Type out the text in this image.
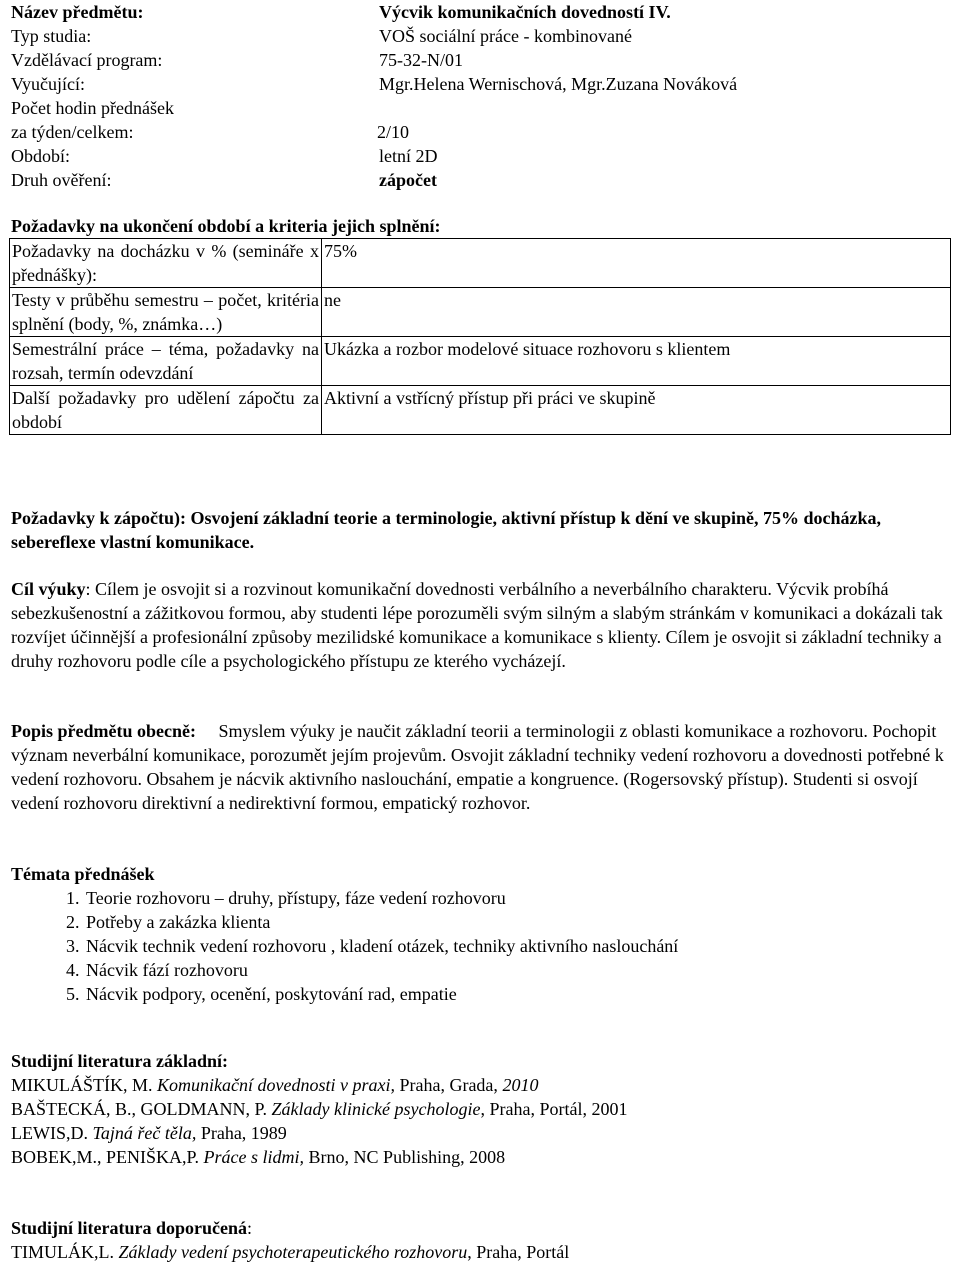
Název předmětu:	Výcvik komunikačních dovedností IV.
Typ studia:	VOŠ sociální práce - kombinované
Vzdělávací program:	75-32-N/01
Vyučující:	Mgr.Helena Wernischová, Mgr.Zuzana Nováková
Počet hodin přednášek
za týden/celkem:	2/10
Období:	letní 2D
Druh ověření:	zápočet
Požadavky na ukončení období a kriteria jejich splnění:
Požadavky na docházku v % (semináře x přednášky):	75%
Testy v průběhu semestru – počet, kritéria splnění (body, %, známka…)	ne
Semestrální práce – téma, požadavky na rozsah, termín odevzdání	Ukázka a rozbor modelové situace rozhovoru s klientem
Další požadavky pro udělení zápočtu za období	Aktivní a vstřícný přístup při práci ve skupině
Požadavky k zápočtu): Osvojení základní teorie a terminologie, aktivní přístup k dění ve skupině, 75% docházka, sebereflexe vlastní komunikace.
Cíl výuky: Cílem je osvojit si a rozvinout komunikační dovednosti verbálního a neverbálního charakteru. Výcvik probíhá sebezkušenostní a zážitkovou formou, aby studenti lépe porozuměli svým silným a slabým stránkám v komunikaci a dokázali tak rozvíjet účinnější a profesionální způsoby mezilidské komunikace a komunikace s klienty. Cílem je osvojit si základní techniky a druhy rozhovoru podle cíle a psychologického přístupu ze kterého vycházejí.
Popis předmětu obecně: Smyslem výuky je naučit základní teorii a terminologii z oblasti komunikace a rozhovoru. Pochopit význam neverbální komunikace, porozumět jejím projevům. Osvojit základní techniky vedení rozhovoru a dovednosti potřebné k vedení rozhovoru. Obsahem je nácvik aktivního naslouchání, empatie a kongruence. (Rogersovský přístup). Studenti si osvojí vedení rozhovoru direktivní a nedirektivní formou, empatický rozhovor.
Témata přednášek
1. Teorie rozhovoru – druhy, přístupy, fáze vedení rozhovoru
2. Potřeby a zakázka klienta
3. Nácvik technik vedení rozhovoru , kladení otázek, techniky aktivního naslouchání
4. Nácvik fází rozhovoru
5. Nácvik podpory, ocenění, poskytování rad, empatie
Studijní literatura základní:
MIKULÁŠTÍK, M. Komunikační dovednosti v praxi, Praha, Grada, 2010
BAŠTECKÁ, B., GOLDMANN, P. Základy klinické psychologie, Praha, Portál, 2001
LEWIS,D. Tajná řeč těla, Praha, 1989
BOBEK,M., PENIŠKA,P. Práce s lidmi, Brno, NC Publishing, 2008
Studijní literatura doporučená:
TIMULÁK,L. Základy vedení psychoterapeutického rozhovoru, Praha, Portál
